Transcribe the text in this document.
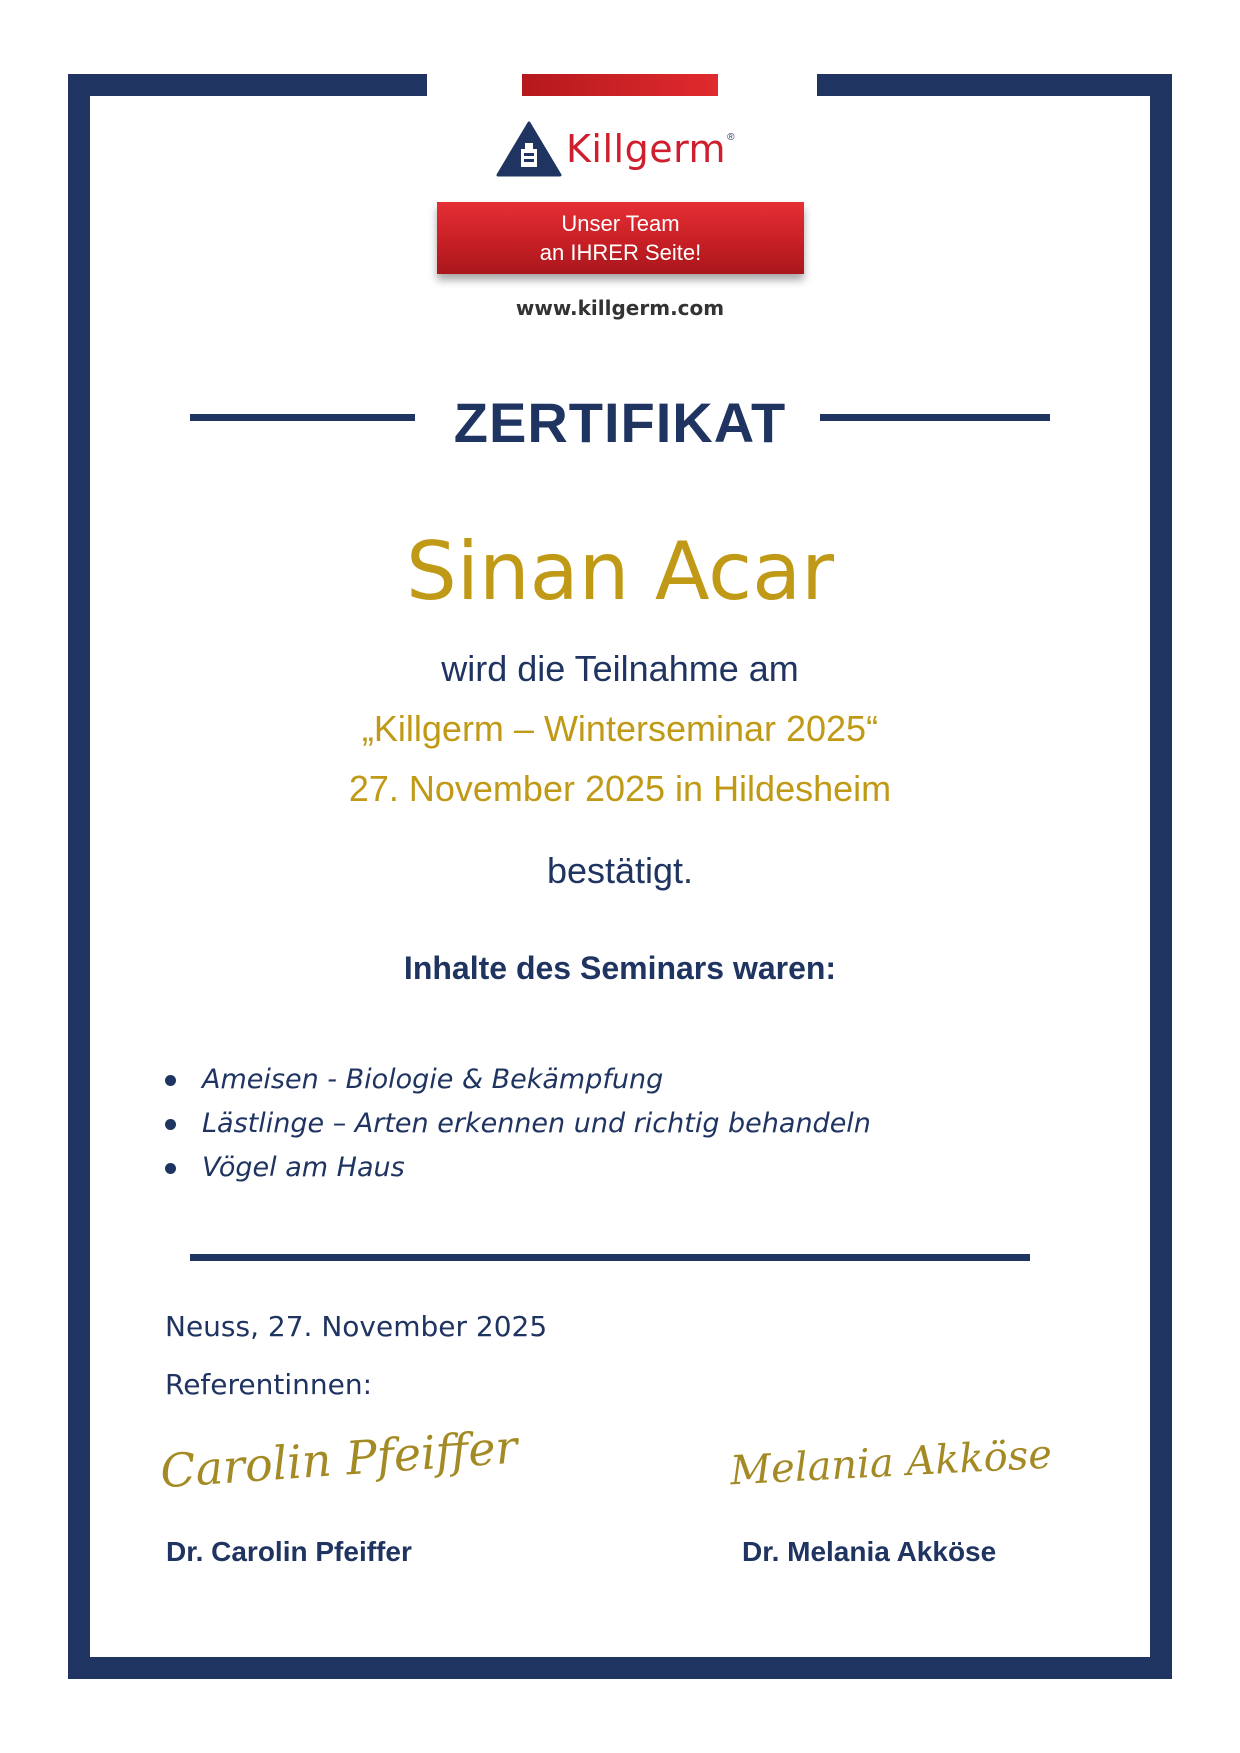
Killgerm ®
Unser Team
an IHRER Seite!
www.killgerm.com
ZERTIFIKAT
Sinan Acar
wird die Teilnahme am
„Killgerm – Winterseminar 2025“
27. November 2025 in Hildesheim
bestätigt.
Inhalte des Seminars waren:
Ameisen - Biologie & Bekämpfung
Lästlinge – Arten erkennen und richtig behandeln
Vögel am Haus
Neuss, 27. November 2025
Referentinnen:
Carolin Pfeiffer	Melania Akköse
Dr. Carolin Pfeiffer	Dr. Melania Akköse
